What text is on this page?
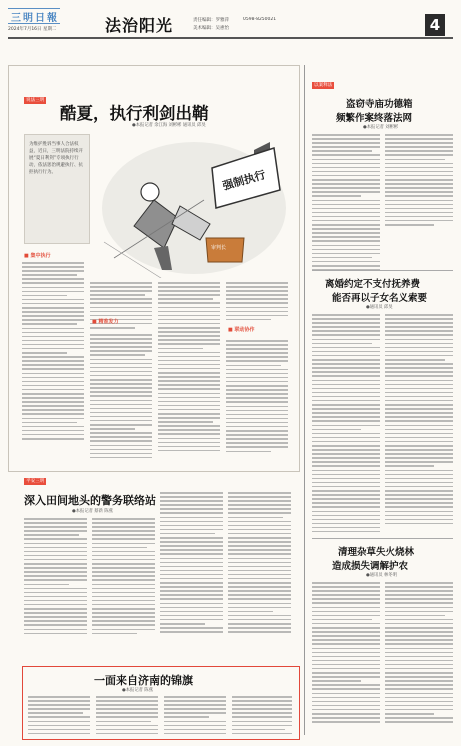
三明日報
2024年7月16日 星期二	法治阳光	责任编辑：罗雅萍
美术编辑：吴惠怡
0598-8250021	4
说法三明
酷夏，执行利剑出鞘
●本报记者 余江海 刘彬彬 通讯员 邱旻
为维护胜诉当事人合法权益，近日，三明法院持续开展“夏日利剑”专项执行行动，依法惩治规避执行、抗拒执行行为。	强制执行
审判长
■ 集中执行
■ 精准发力
■ 联动协作
以案释法
盗窃寺庙功德箱
频繁作案终落法网
●本报记者 刘彬彬
离婚约定不支付抚养费
能否再以子女名义索要
●通讯员 邱旻
清理杂草失火烧林
造成损失调解护农
●通讯员 林冬明
平安三明
深入田间地头的警务联络站
●本报记者 蔡新 陈燕
一面来自济南的锦旗
●本报记者 陈燕
